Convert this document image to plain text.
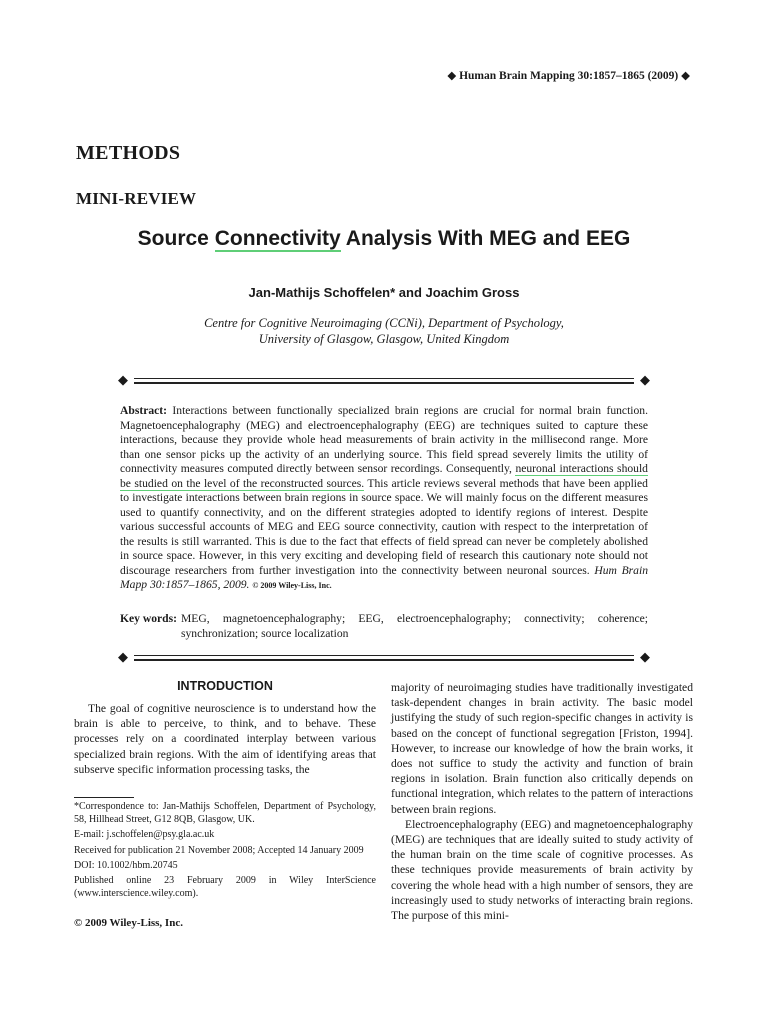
◆ Human Brain Mapping 30:1857–1865 (2009) ◆
METHODS
MINI-REVIEW
Source Connectivity Analysis With MEG and EEG
Jan-Mathijs Schoffelen* and Joachim Gross
Centre for Cognitive Neuroimaging (CCNi), Department of Psychology,
University of Glasgow, Glasgow, United Kingdom
◆	◆

Abstract: Interactions between functionally specialized brain regions are crucial for normal brain function. Magnetoencephalography (MEG) and electroencephalography (EEG) are techniques suited to capture these interactions, because they provide whole head measurements of brain activity in the millisecond range. More than one sensor picks up the activity of an underlying source. This field spread severely limits the utility of connectivity measures computed directly between sensor recordings. Consequently, neuronal interactions should be studied on the level of the reconstructed sources. This article reviews several methods that have been applied to investigate interactions between brain regions in source space. We will mainly focus on the different measures used to quantify connectivity, and on the different strategies adopted to identify regions of interest. Despite various successful accounts of MEG and EEG source connectivity, caution with respect to the interpretation of the results is still warranted. This is due to the fact that effects of field spread can never be completely abolished in source space. However, in this very exciting and developing field of research this cautionary note should not discourage researchers from further investigation into the connectivity between neuronal sources. Hum Brain Mapp 30:1857–1865, 2009. © 2009 Wiley-Liss, Inc.

Key words: MEG, magnetoencephalography; EEG, electroencephalography; connectivity; coherence; synchronization; source localization
◆	◆
INTRODUCTION

The goal of cognitive neuroscience is to understand how the brain is able to perceive, to think, and to behave. These processes rely on a coordinated interplay between various specialized brain regions. With the aim of identifying areas that subserve specific information processing tasks, the

*Correspondence to: Jan-Mathijs Schoffelen, Department of Psychology, 58, Hillhead Street, G12 8QB, Glasgow, UK.

E-mail: j.schoffelen@psy.gla.ac.uk

Received for publication 21 November 2008; Accepted 14 January 2009

DOI: 10.1002/hbm.20745

Published online 23 February 2009 in Wiley InterScience (www.interscience.wiley.com).

© 2009 Wiley-Liss, Inc.

majority of neuroimaging studies have traditionally investigated task-dependent changes in brain activity. The basic model justifying the study of such region-specific changes in activity is based on the concept of functional segregation [Friston, 1994]. However, to increase our knowledge of how the brain works, it does not suffice to study the activity and function of brain regions in isolation. Brain function also critically depends on functional integration, which relates to the pattern of interactions between brain regions.

Electroencephalography (EEG) and magnetoencephalography (MEG) are techniques that are ideally suited to study activity of the human brain on the time scale of cognitive processes. As these techniques provide measurements of brain activity by covering the whole head with a high number of sensors, they are increasingly used to study networks of interacting brain regions. The purpose of this mini-
